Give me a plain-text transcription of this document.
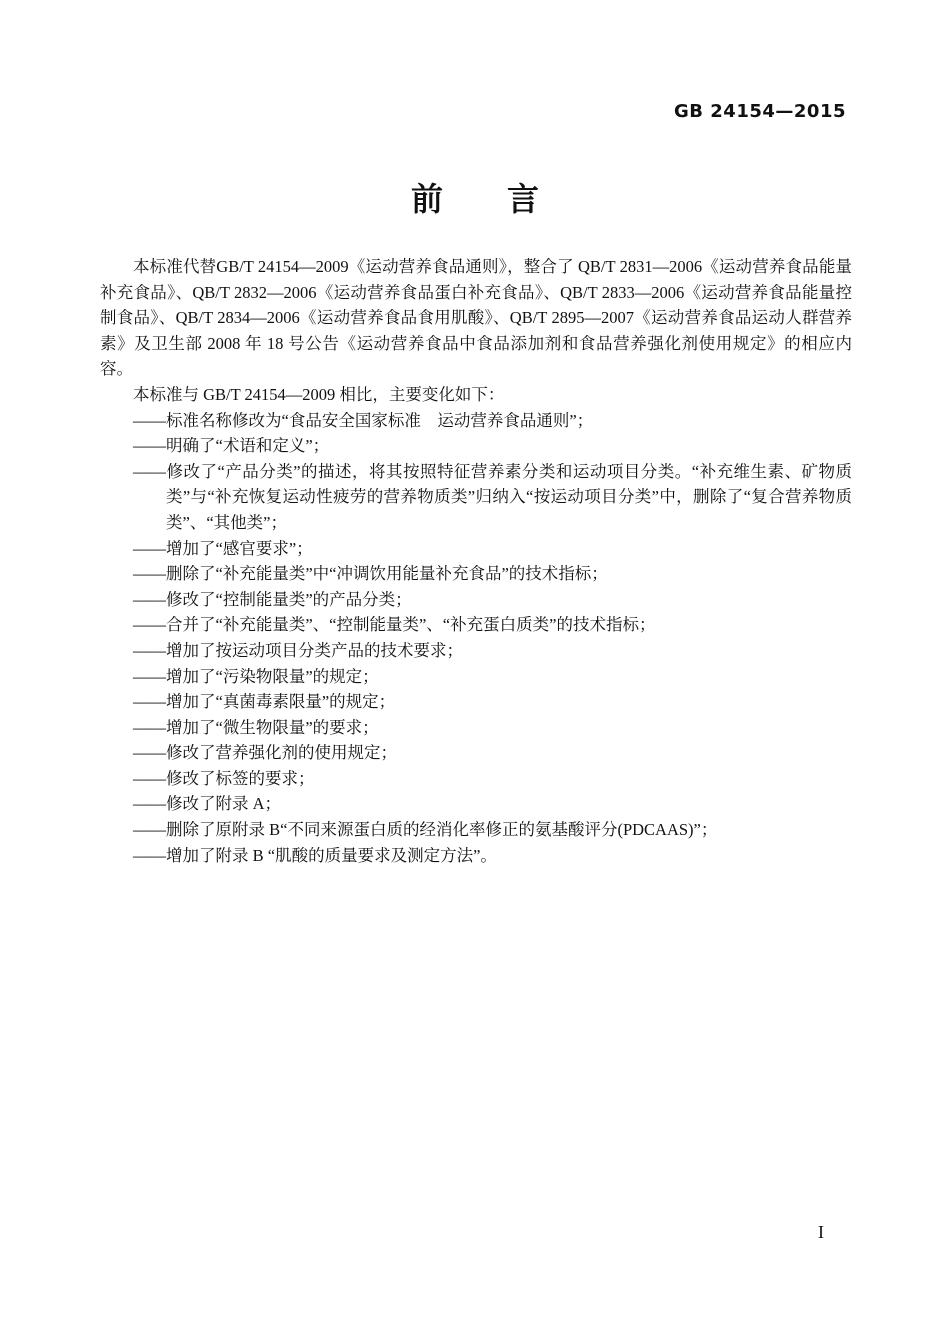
GB 24154—2015
前　　言

本标准代替GB/T 24154—2009《运动营养食品通则》，整合了 QB/T 2831—2006《运动营养食品能量补充食品》、QB/T 2832—2006《运动营养食品蛋白补充食品》、QB/T 2833—2006《运动营养食品能量控制食品》、QB/T 2834—2006《运动营养食品食用肌酸》、QB/T 2895—2007《运动营养食品运动人群营养素》及卫生部 2008 年 18 号公告《运动营养食品中食品添加剂和食品营养强化剂使用规定》的相应内容。

本标准与 GB/T 24154—2009 相比，主要变化如下：

——标准名称修改为“食品安全国家标准　运动营养食品通则”；

——明确了“术语和定义”；

——修改了“产品分类”的描述，将其按照特征营养素分类和运动项目分类。“补充维生素、矿物质类”与“补充恢复运动性疲劳的营养物质类”归纳入“按运动项目分类”中，删除了“复合营养物质类”、“其他类”；

——增加了“感官要求”；

——删除了“补充能量类”中“冲调饮用能量补充食品”的技术指标；

——修改了“控制能量类”的产品分类；

——合并了“补充能量类”、“控制能量类”、“补充蛋白质类”的技术指标；

——增加了按运动项目分类产品的技术要求；

——增加了“污染物限量”的规定；

——增加了“真菌毒素限量”的规定；

——增加了“微生物限量”的要求；

——修改了营养强化剂的使用规定；

——修改了标签的要求；

——修改了附录 A；

——删除了原附录 B“不同来源蛋白质的经消化率修正的氨基酸评分(PDCAAS)”；

——增加了附录 B “肌酸的质量要求及测定方法”。

I
